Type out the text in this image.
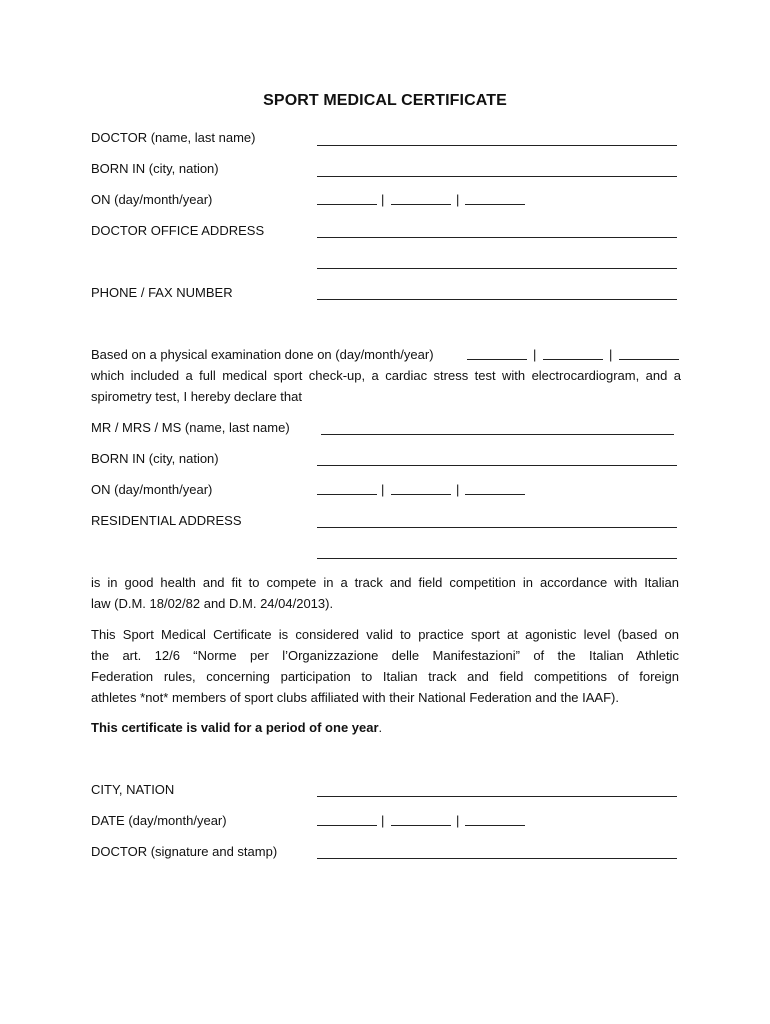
SPORT MEDICAL CERTIFICATE
DOCTOR (name, last name)
BORN IN (city, nation)
ON (day/month/year)	|	|
DOCTOR OFFICE ADDRESS
PHONE / FAX NUMBER
Based on a physical examination done on (day/month/year)	|	|
which included a full medical sport check-up, a cardiac stress test with electrocardiogram, and a
spirometry test, I hereby declare that
MR / MRS / MS (name, last name)
BORN IN (city, nation)
ON (day/month/year)	|	|
RESIDENTIAL ADDRESS
is in good health and fit to compete in a track and field competition in accordance with Italian
law (D.M. 18/02/82 and D.M. 24/04/2013).
This Sport Medical Certificate is considered valid to practice sport at agonistic level (based on
the art. 12/6 “Norme per l’Organizzazione delle Manifestazioni” of the Italian Athletic
Federation rules, concerning participation to Italian track and field competitions of foreign
athletes *not* members of sport clubs affiliated with their National Federation and the IAAF).
This certificate is valid for a period of one year.
CITY, NATION
DATE (day/month/year)	|	|
DOCTOR (signature and stamp)
